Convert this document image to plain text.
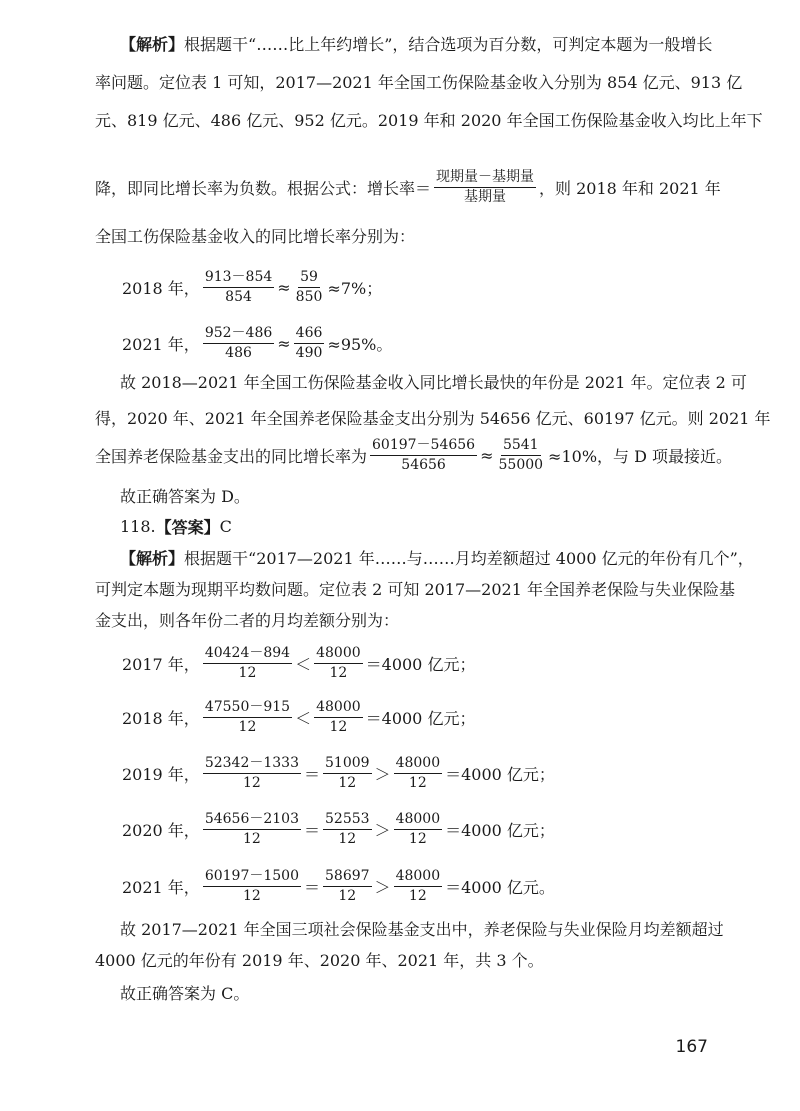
【解析】 根据题干“……比上年约增长”，结合选项为百分数，可判定本题为一般增长
率问题。定位表 1 可知，2017—2021 年全国工伤保险基金收入分别为 854 亿元、913 亿
元、819 亿元、486 亿元、952 亿元。2019 年和 2020 年全国工伤保险基金收入均比上年下
降，即同比增长率为负数。根据公式：增长率＝ $\frac{\text{现期量－基期量}}{\text{基期量}}$ ，则 2018 年和 2021 年
全国工伤保险基金收入的同比增长率分别为：
2018 年， $\frac{913-854}{854} \approx \frac{59}{850} \approx 7\%$；
2021 年， $\frac{952-486}{486} \approx \frac{466}{490} \approx 95\%$。
故 2018—2021 年全国工伤保险基金收入同比增长最快的年份是 2021 年。定位表 2 可
得，2020 年、2021 年全国养老保险基金支出分别为 54656 亿元、60197 亿元。则 2021 年
全国养老保险基金支出的同比增长率为 $\frac{60197-54656}{54656} \approx \frac{5541}{55000} \approx 10\%$，与 D 项最接近。
故正确答案为 D。
118. 【答案】 C
【解析】 根据题干“2017—2021 年……与……月均差额超过 4000 亿元的年份有几个”，
可判定本题为现期平均数问题。定位表 2 可知 2017—2021 年全国养老保险与失业保险基
金支出，则各年份二者的月均差额分别为：
2017 年， $\frac{40424-894}{12} < \frac{48000}{12} =4000$ 亿元；
2018 年， $\frac{47550-915}{12} < \frac{48000}{12} =4000$ 亿元；
2019 年， $\frac{52342-1333}{12} = \frac{51009}{12} > \frac{48000}{12} =4000$ 亿元；
2020 年， $\frac{54656-2103}{12} = \frac{52553}{12} > \frac{48000}{12} =4000$ 亿元；
2021 年， $\frac{60197-1500}{12} = \frac{58697}{12} > \frac{48000}{12} =4000$ 亿元。
故 2017—2021 年全国三项社会保险基金支出中，养老保险与失业保险月均差额超过
4000 亿元的年份有 2019 年、2020 年、2021 年，共 3 个。
故正确答案为 C。
167
